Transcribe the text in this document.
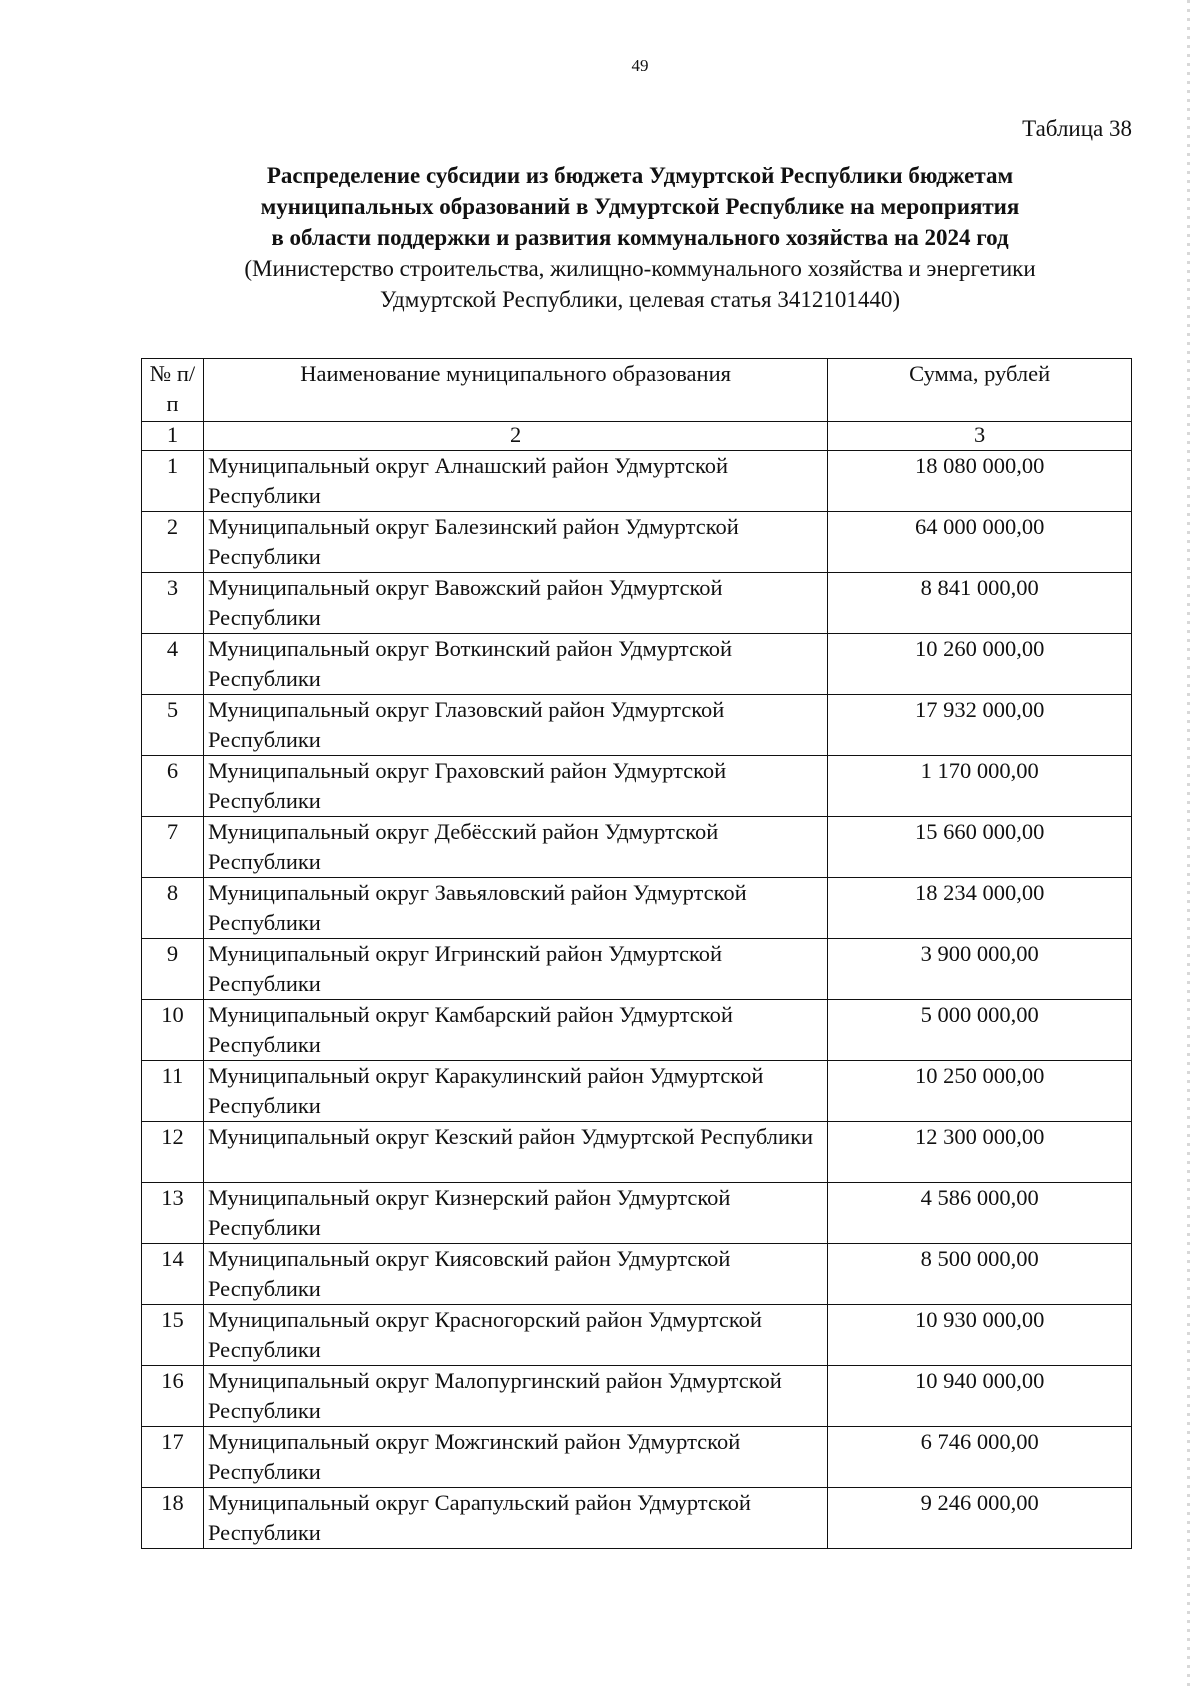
49
Таблица 38
Распределение субсидии из бюджета Удмуртской Республики бюджетам
муниципальных образований в Удмуртской Республике на мероприятия
в области поддержки и развития коммунального хозяйства на 2024 год
(Министерство строительства, жилищно-коммунального хозяйства и энергетики
Удмуртской Республики, целевая статья 3412101440)
№ п/п	Наименование муниципального образования	Сумма, рублей
1	2	3
1	Муниципальный округ Алнашский район Удмуртской Республики	18 080 000,00
2	Муниципальный округ Балезинский район Удмуртской Республики	64 000 000,00
3	Муниципальный округ Вавожский район Удмуртской Республики	8 841 000,00
4	Муниципальный округ Воткинский район Удмуртской Республики	10 260 000,00
5	Муниципальный округ Глазовский район Удмуртской Республики	17 932 000,00
6	Муниципальный округ Граховский район Удмуртской Республики	1 170 000,00
7	Муниципальный округ Дебёсский район Удмуртской Республики	15 660 000,00
8	Муниципальный округ Завьяловский район Удмуртской Республики	18 234 000,00
9	Муниципальный округ Игринский район Удмуртской Республики	3 900 000,00
10	Муниципальный округ Камбарский район Удмуртской Республики	5 000 000,00
11	Муниципальный округ Каракулинский район Удмуртской Республики	10 250 000,00
12	Муниципальный округ Кезский район Удмуртской Республики	12 300 000,00
13	Муниципальный округ Кизнерский район Удмуртской Республики	4 586 000,00
14	Муниципальный округ Киясовский район Удмуртской Республики	8 500 000,00
15	Муниципальный округ Красногорский район Удмуртской Республики	10 930 000,00
16	Муниципальный округ Малопургинский район Удмуртской Республики	10 940 000,00
17	Муниципальный округ Можгинский район Удмуртской Республики	6 746 000,00
18	Муниципальный округ Сарапульский район Удмуртской Республики	9 246 000,00
